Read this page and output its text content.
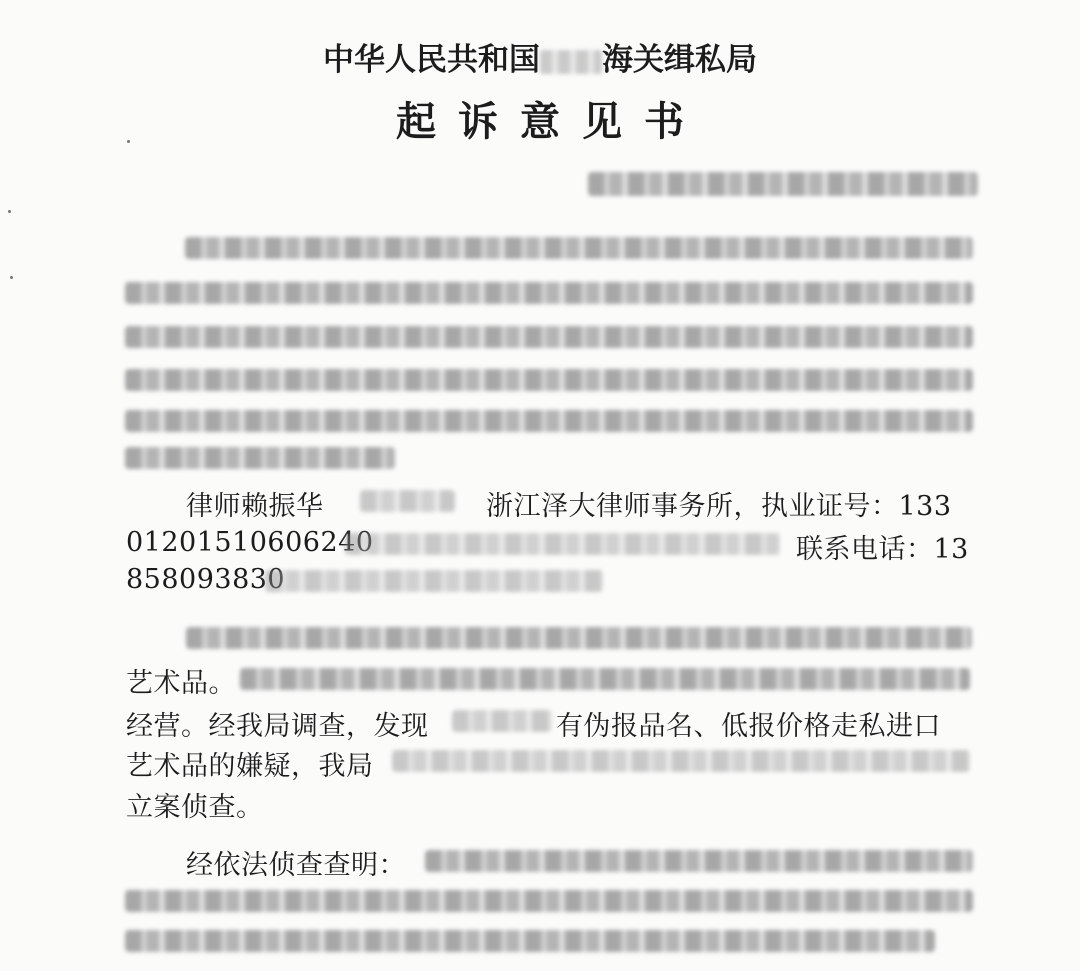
中华人民共和国 海关缉私局
起诉意见书
律师赖振华	浙江泽大律师事务所，执业证号：133
01201510606240	联系电话：13
858093830
艺术品。
经营。经我局调查，发现	有伪报品名、低报价格走私进口
艺术品的嫌疑，我局
立案侦查。
经依法侦查查明：
